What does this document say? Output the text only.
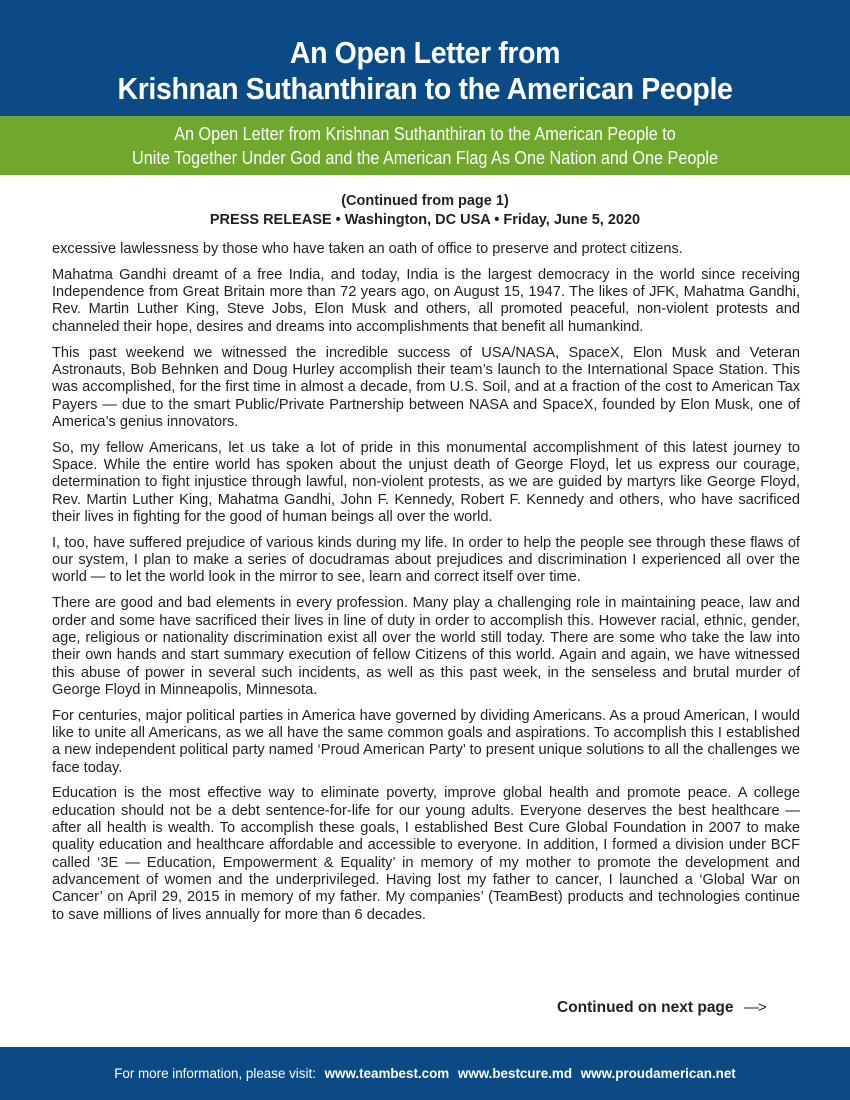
An Open Letter from
Krishnan Suthanthiran to the American People
An Open Letter from Krishnan Suthanthiran to the American People to
Unite Together Under God and the American Flag As One Nation and One People
(Continued from page 1)
PRESS RELEASE • Washington, DC USA • Friday, June 5, 2020

excessive lawlessness by those who have taken an oath of office to preserve and protect citizens.

Mahatma Gandhi dreamt of a free India, and today, India is the largest democracy in the world since receiving Independence from Great Britain more than 72 years ago, on August 15, 1947. The likes of JFK, Mahatma Gandhi, Rev. Martin Luther King, Steve Jobs, Elon Musk and others, all promoted peaceful, non-violent protests and channeled their hope, desires and dreams into accomplishments that benefit all humankind.

This past weekend we witnessed the incredible success of USA/NASA, SpaceX, Elon Musk and Veteran Astronauts, Bob Behnken and Doug Hurley accomplish their team’s launch to the International Space Station. This was accomplished, for the first time in almost a decade, from U.S. Soil, and at a fraction of the cost to American Tax Payers — due to the smart Public/Private Partnership between NASA and SpaceX, founded by Elon Musk, one of America’s genius innovators.

So, my fellow Americans, let us take a lot of pride in this monumental accomplishment of this latest journey to Space. While the entire world has spoken about the unjust death of George Floyd, let us express our courage, determination to fight injustice through lawful, non-violent protests, as we are guided by martyrs like George Floyd, Rev. Martin Luther King, Mahatma Gandhi, John F. Kennedy, Robert F. Kennedy and others, who have sacrificed their lives in fighting for the good of human beings all over the world.

I, too, have suffered prejudice of various kinds during my life. In order to help the people see through these flaws of our system, I plan to make a series of docudramas about prejudices and discrimination I experienced all over the world — to let the world look in the mirror to see, learn and correct itself over time.

There are good and bad elements in every profession. Many play a challenging role in maintaining peace, law and order and some have sacrificed their lives in line of duty in order to accomplish this. However racial, ethnic, gender, age, religious or nationality discrimination exist all over the world still today. There are some who take the law into their own hands and start summary execution of fellow Citizens of this world. Again and again, we have witnessed this abuse of power in several such incidents, as well as this past week, in the senseless and brutal murder of George Floyd in Minneapolis, Minnesota.

For centuries, major political parties in America have governed by dividing Americans. As a proud American, I would like to unite all Americans, as we all have the same common goals and aspirations. To accomplish this I established a new independent political party named ‘Proud American Party’ to present unique solutions to all the challenges we face today.

Education is the most effective way to eliminate poverty, improve global health and promote peace. A college education should not be a debt sentence-for-life for our young adults. Everyone deserves the best healthcare — after all health is wealth. To accomplish these goals, I established Best Cure Global Foundation in 2007 to make quality education and healthcare affordable and accessible to everyone. In addition, I formed a division under BCF called ‘3E — Education, Empowerment & Equality’ in memory of my mother to promote the development and advancement of women and the underprivileged. Having lost my father to cancer, I launched a ‘Global War on Cancer’ on April 29, 2015 in memory of my father. My companies’ (TeamBest) products and technologies continue to save millions of lives annually for more than 6 decades.

Continued on next page —>
For more information, please visit: www.teambest.com www.bestcure.md www.proudamerican.net
